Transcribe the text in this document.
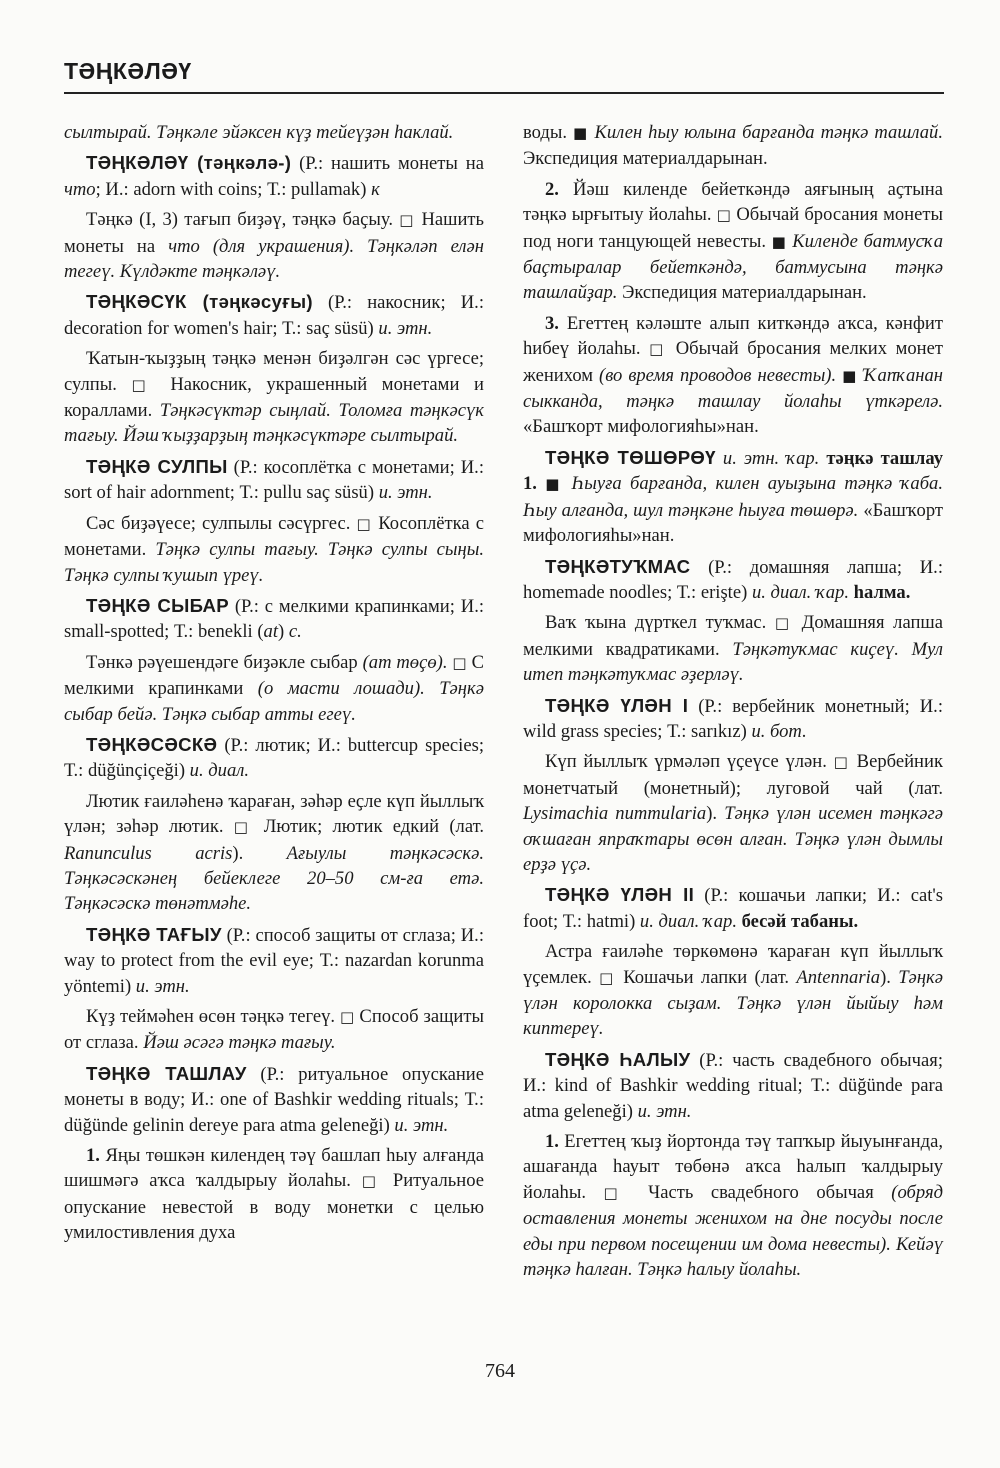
ТӘҢКӘЛӘҮ

сылтырай. Тәңкәле эйәксен күҙ тейеүҙән һаклай.

ТӘҢКӘЛӘҮ (тәңкәлә-) (Р.: нашить монеты на что; И.: adorn with coins; Т.: pullamak) к

Тәңкә (I, 3) тағып биҙәү, тәңкә баҫыу. □ Нашить монеты на что (для украшения). Тәңкәләп елән тегеү. Күлдәкте тәңкәләү.

ТӘҢКӘСҮК (тәңкәсуғы) (Р.: накосник; И.: decoration for women's hair; Т.: saç süsü) и. этн.

Ҡатын-ҡыҙҙың тәңкә менән биҙәлгән сәс үргесе; сулпы. □ Накосник, украшенный монетами и кораллами. Тәңкәсүктәр сыңлай. Толомға тәңкәсүк тағыу. Йәш ҡыҙҙарҙың тәңкәсүктәре сылтырай.

ТӘҢКӘ СУЛПЫ (Р.: косоплётка с монетами; И.: sort of hair adornment; Т.: pullu saç süsü) и. этн.

Сәс биҙәүесе; сулпылы сәсүргес. □ Косоплётка с монетами. Тәңкә сулпы тағыу. Тәңкә сулпы сыңы. Тәңкә сулпы ҡушып үреү.

ТӘҢКӘ СЫБАР (Р.: с мелкими крапинками; И.: small-spotted; Т.: benekli (at) с.

Тәнкә рәүешендәге биҙәкле сыбар (ат төҫө). □ С мелкими крапинками (о масти лошади). Тәңкә сыбар бейә. Тәңкә сыбар атты егеү.

ТӘҢКӘСӘСКӘ (Р.: лютик; И.: buttercup species; Т.: düğünçiçeği) и. диал.

Лютик ғаиләһенә ҡараған, зәһәр еҫле күп йыллыҡ үлән; зәһәр лютик. □ Лютик; лютик едкий (лат. Ranunculus acris). Ағыулы тәңкәсәскә. Тәңкәсәскәнең бейеклеге 20–50 см-ға етә. Тәңкәсәскә төнәтмәһе.

ТӘҢКӘ ТАҒЫУ (Р.: способ защиты от сглаза; И.: way to protect from the evil eye; Т.: nazardan korunma yöntemi) и. этн.

Күҙ теймәһен өсөн тәңкә тегеү. □ Способ защиты от сглаза. Йәш әсәгә тәңкә тағыу.

ТӘҢКӘ ТАШЛАУ (Р.: ритуальное опускание монеты в воду; И.: one of Bashkir wedding rituals; Т.: düğünde gelinin dereye para atma geleneği) и. этн.

1. Яңы төшкән килендең тәү башлап һыу алғанда шишмәгә аҡса ҡалдырыу йолаһы. □ Ритуальное опускание невестой в воду монетки с целью умилостивления духа

воды. ■ Килен һыу юлына барғанда тәңкә ташлай. Экспедиция материалдарынан.

2. Йәш киленде бейеткәндә аяғының аҫтына тәңкә ырғытыу йолаһы. □ Обычай бросания монеты под ноги танцующей невесты. ■ Киленде батмусҡа баҫтыралар бейеткәндә, батмусына тәңкә ташлайҙар. Экспедиция материалдарынан.

3. Егеттең кәләште алып киткәндә аҡса, кәнфит һибеү йолаһы. □ Обычай бросания мелких монет женихом (во время проводов невесты). ■ Ҡапҡанан сыкканда, тәңкә ташлау йолаһы үткәрелә. «Башҡорт мифологияһы»нан.

ТӘҢКӘ ТӨШӨРӨҮ и. этн. ҡар. тәңкә ташлау 1. ■ Һыуға барғанда, килен ауыҙына тәңкә ҡаба. Һыу алғанда, шул тәңкәне һыуға төшөрә. «Башҡорт мифологияһы»нан.

ТӘҢКӘТУҠМАС (Р.: домашняя лапша; И.: homemade noodles; Т.: erişte) и. диал. ҡар. һалма.

Ваҡ ҡына дүрткел туҡмас. □ Домашняя лапша мелкими квадратиками. Тәңкәтуҡмас киҫеү. Мул итеп тәңкәтуҡмас әҙерләү.

ТӘҢКӘ ҮЛӘН I (Р.: вербейник монетный; И.: wild grass species; Т.: sarıkız) и. бот.

Күп йыллыҡ үрмәләп үҫеүсе үлән. □ Вербейник монетчатый (монетный); луговой чай (лат. Lysimachia nummularia). Тәңкә үлән исемен тәңкәгә оҡшаған япраҡтары өсөн алған. Тәңкә үлән дымлы ерҙә үҫә.

ТӘҢКӘ ҮЛӘН II (Р.: кошачьи лапки; И.: cat's foot; Т.: hatmi) и. диал. ҡар. бесәй табаны.

Астра ғаиләһе төркөмөнә ҡараған күп йыллыҡ үҫемлек. □ Кошачьи лапки (лат. Antennaria). Тәңкә үлән королокка сыҙам. Тәңкә үлән йыйыу һәм киптереү.

ТӘҢКӘ ҺАЛЫУ (Р.: часть свадебного обычая; И.: kind of Bashkir wedding ritual; Т.: düğünde para atma geleneği) и. этн.

1. Егеттең ҡыҙ йортонда тәү тапҡыр йыуынғанда, ашағанда һауыт төбөнә аҡса һалып ҡалдырыу йолаһы. □ Часть свадебного обычая (обряд оставления монеты женихом на дне посуды после еды при первом посещении им дома невесты). Кейәү тәңкә һалған. Тәңкә һалыу йолаһы.

764
